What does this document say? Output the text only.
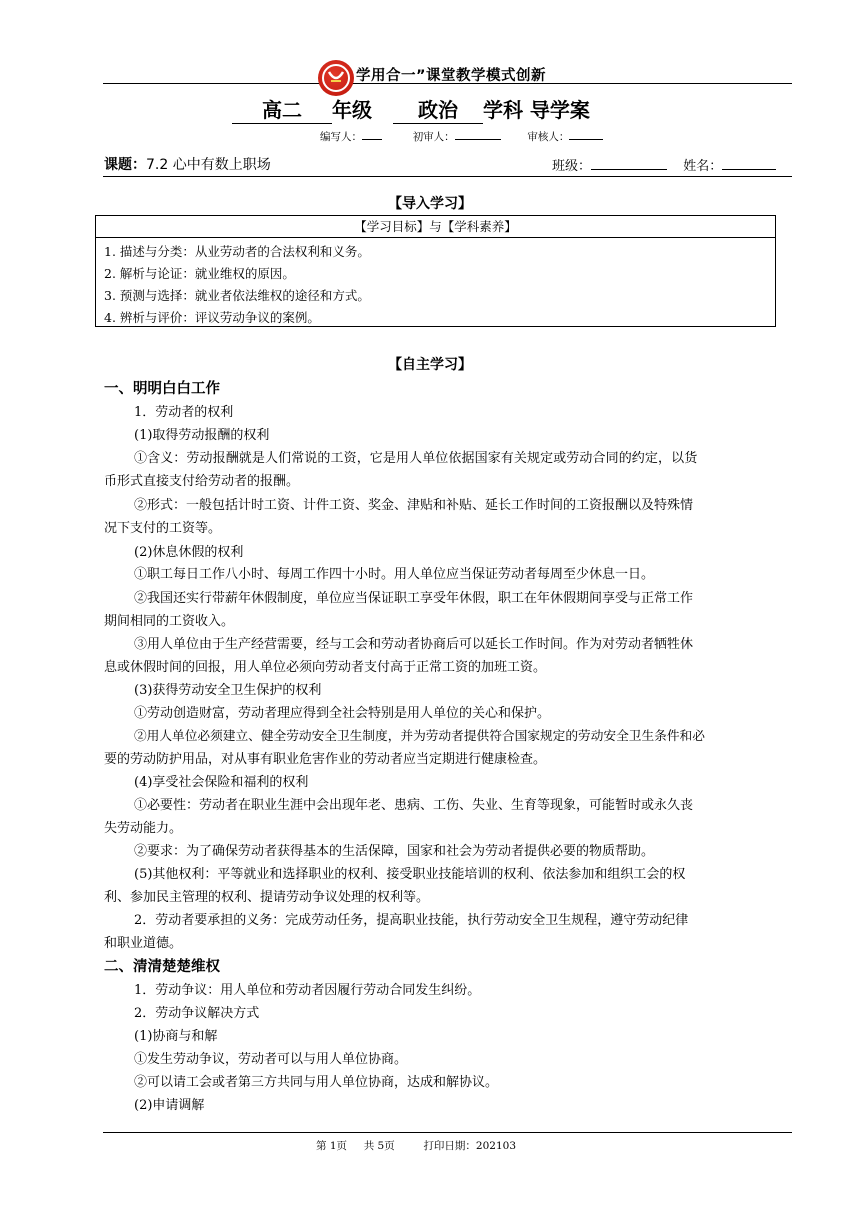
学用合一”课堂教学模式创新
高二 年级 政治 学科 导学案
编写人：	初审人：	审核人：
课题：7.2 心中有数上职场	班级：	姓名：
【导入学习】
【学习目标】与【学科素养】
1. 描述与分类：从业劳动者的合法权利和义务。
2. 解析与论证：就业维权的原因。
3. 预测与选择：就业者依法维权的途径和方式。
4. 辨析与评价：评议劳动争议的案例。
【自主学习】
一、明明白白工作
1．劳动者的权利
(1)取得劳动报酬的权利
①含义：劳动报酬就是人们常说的工资，它是用人单位依据国家有关规定或劳动合同的约定，以货
币形式直接支付给劳动者的报酬。
②形式：一般包括计时工资、计件工资、奖金、津贴和补贴、延长工作时间的工资报酬以及特殊情
况下支付的工资等。
(2)休息休假的权利
①职工每日工作八小时、每周工作四十小时。用人单位应当保证劳动者每周至少休息一日。
②我国还实行带薪年休假制度，单位应当保证职工享受年休假，职工在年休假期间享受与正常工作
期间相同的工资收入。
③用人单位由于生产经营需要，经与工会和劳动者协商后可以延长工作时间。作为对劳动者牺牲休
息或休假时间的回报，用人单位必须向劳动者支付高于正常工资的加班工资。
(3)获得劳动安全卫生保护的权利
①劳动创造财富，劳动者理应得到全社会特别是用人单位的关心和保护。
②用人单位必须建立、健全劳动安全卫生制度，并为劳动者提供符合国家规定的劳动安全卫生条件和必
要的劳动防护用品，对从事有职业危害作业的劳动者应当定期进行健康检查。
(4)享受社会保险和福利的权利
①必要性：劳动者在职业生涯中会出现年老、患病、工伤、失业、生育等现象，可能暂时或永久丧
失劳动能力。
②要求：为了确保劳动者获得基本的生活保障，国家和社会为劳动者提供必要的物质帮助。
(5)其他权利：平等就业和选择职业的权利、接受职业技能培训的权利、依法参加和组织工会的权
利、参加民主管理的权利、提请劳动争议处理的权利等。
2．劳动者要承担的义务：完成劳动任务，提高职业技能，执行劳动安全卫生规程，遵守劳动纪律
和职业道德。
二、清清楚楚维权
1．劳动争议：用人单位和劳动者因履行劳动合同发生纠纷。
2．劳动争议解决方式
(1)协商与和解
①发生劳动争议，劳动者可以与用人单位协商。
②可以请工会或者第三方共同与用人单位协商，达成和解协议。
(2)申请调解
第 1页 共 5页	打印日期：202103
